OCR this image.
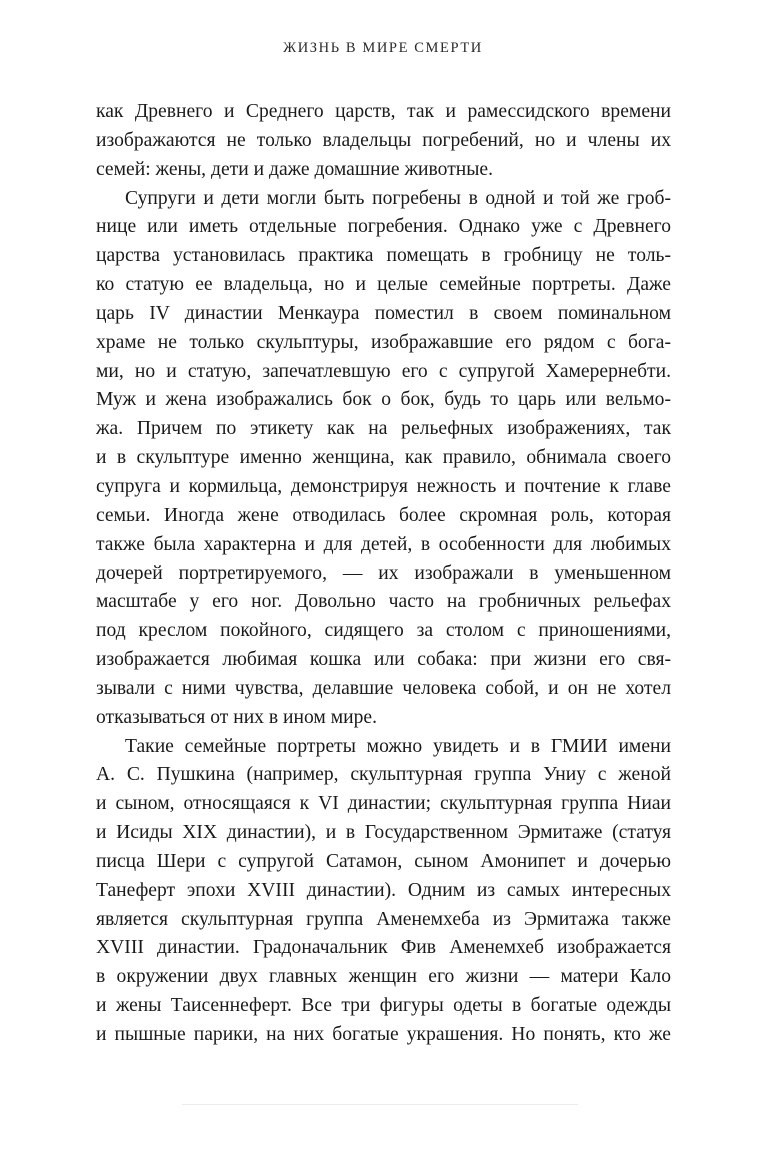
ЖИЗНЬ В МИРЕ СМЕРТИ
как Древнего и Среднего царств, так и рамессидского времени
изображаются не только владельцы погребений, но и члены их
семей: жены, дети и даже домашние животные.
Супруги и дети могли быть погребены в одной и той же гроб-
нице или иметь отдельные погребения. Однако уже с Древнего
царства установилась практика помещать в гробницу не толь-
ко статую ее владельца, но и целые семейные портреты. Даже
царь IV династии Менкаура поместил в своем поминальном
храме не только скульптуры, изображавшие его рядом с бога-
ми, но и статую, запечатлевшую его с супругой Хамерернебти.
Муж и жена изображались бок о бок, будь то царь или вельмо-
жа. Причем по этикету как на рельефных изображениях, так
и в скульптуре именно женщина, как правило, обнимала своего
супруга и кормильца, демонстрируя нежность и почтение к главе
семьи. Иногда жене отводилась более скромная роль, которая
также была характерна и для детей, в особенности для любимых
дочерей портретируемого, — их изображали в уменьшенном
масштабе у его ног. Довольно часто на гробничных рельефах
под креслом покойного, сидящего за столом с приношениями,
изображается любимая кошка или собака: при жизни его свя-
зывали с ними чувства, делавшие человека собой, и он не хотел
отказываться от них в ином мире.
Такие семейные портреты можно увидеть и в ГМИИ имени
А. С. Пушкина (например, скульптурная группа Униу с женой
и сыном, относящаяся к VI династии; скульптурная группа Ниаи
и Исиды XIX династии), и в Государственном Эрмитаже (статуя
писца Шери с супругой Сатамон, сыном Амонипет и дочерью
Танеферт эпохи XVIII династии). Одним из самых интересных
является скульптурная группа Аменемхеба из Эрмитажа также
XVIII династии. Градоначальник Фив Аменемхеб изображается
в окружении двух главных женщин его жизни — матери Кало
и жены Таисеннеферт. Все три фигуры одеты в богатые одежды
и пышные парики, на них богатые украшения. Но понять, кто же
